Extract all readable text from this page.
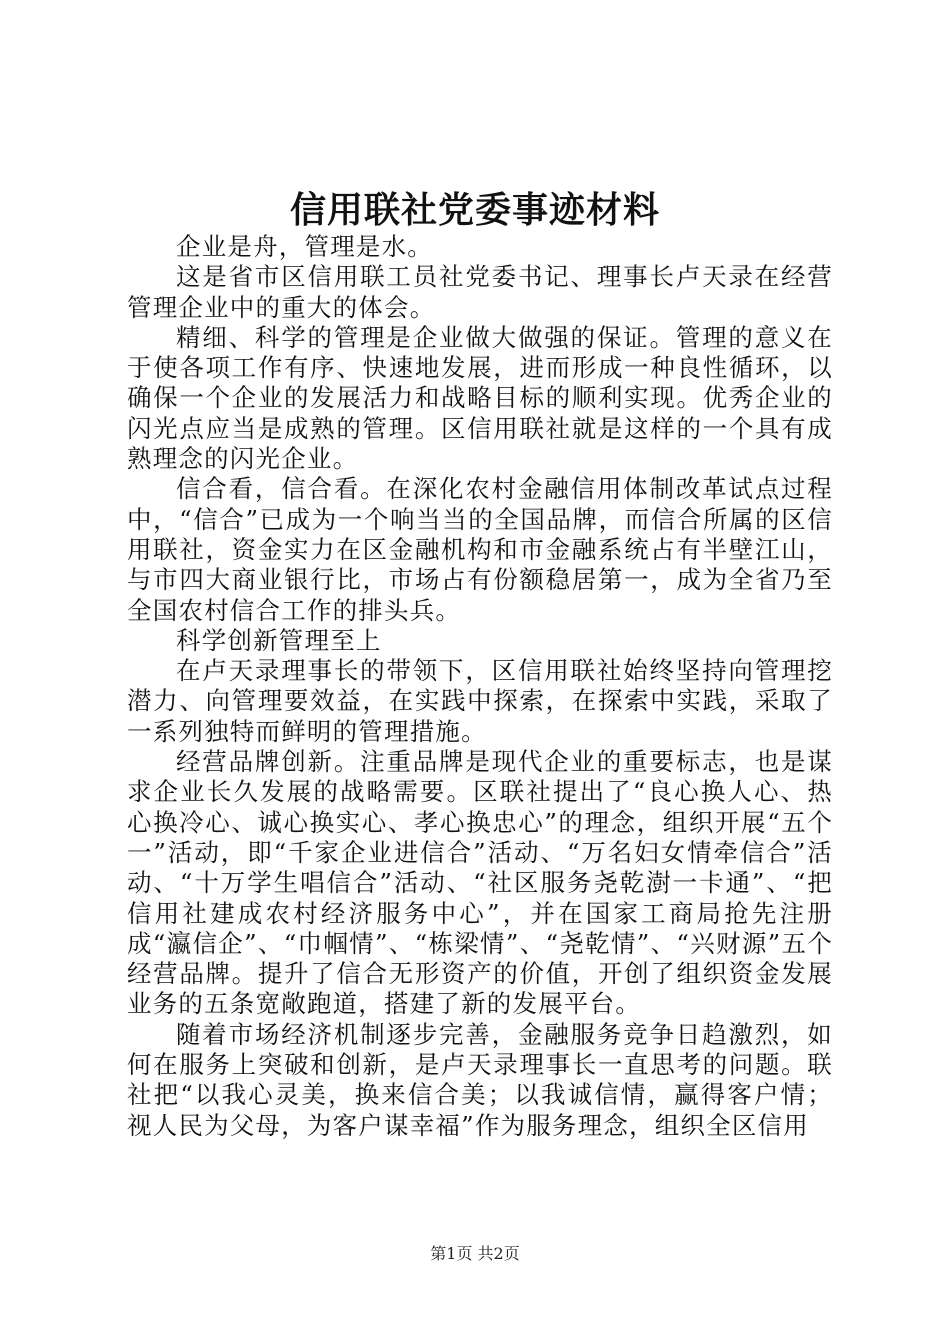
信用联社党委事迹材料

企业是舟，管理是水。

这是省市区信用联工员社党委书记、理事长卢天录在经营管理企业中的重大的体会。

精细、科学的管理是企业做大做强的保证。管理的意义在于使各项工作有序、快速地发展，进而形成一种良性循环，以确保一个企业的发展活力和战略目标的顺利实现。优秀企业的闪光点应当是成熟的管理。区信用联社就是这样的一个具有成熟理念的闪光企业。

信合看，信合看。在深化农村金融信用体制改革试点过程中，“信合”已成为一个响当当的全国品牌，而信合所属的区信用联社，资金实力在区金融机构和市金融系统占有半壁江山，与市四大商业银行比，市场占有份额稳居第一，成为全省乃至全国农村信合工作的排头兵。

科学创新管理至上

在卢天录理事长的带领下，区信用联社始终坚持向管理挖潜力、向管理要效益，在实践中探索，在探索中实践，采取了一系列独特而鲜明的管理措施。

经营品牌创新。注重品牌是现代企业的重要标志，也是谋求企业长久发展的战略需要。区联社提出了“良心换人心、热心换冷心、诚心换实心、孝心换忠心”的理念，组织开展“五个一”活动，即“千家企业进信合”活动、“万名妇女情牵信合”活动、“十万学生唱信合”活动、“社区服务尧乾澍一卡通”、“把信用社建成农村经济服务中心”，并在国家工商局抢先注册成“瀛信企”、“巾帼情”、“栋梁情”、“尧乾情”、“兴财源”五个经营品牌。提升了信合无形资产的价值，开创了组织资金发展业务的五条宽敞跑道，搭建了新的发展平台。

随着市场经济机制逐步完善，金融服务竞争日趋激烈，如何在服务上突破和创新，是卢天录理事长一直思考的问题。联社把“以我心灵美，换来信合美；以我诚信情，赢得客户情；视人民为父母，为客户谋幸福”作为服务理念，组织全区信用

第1页 共2页
